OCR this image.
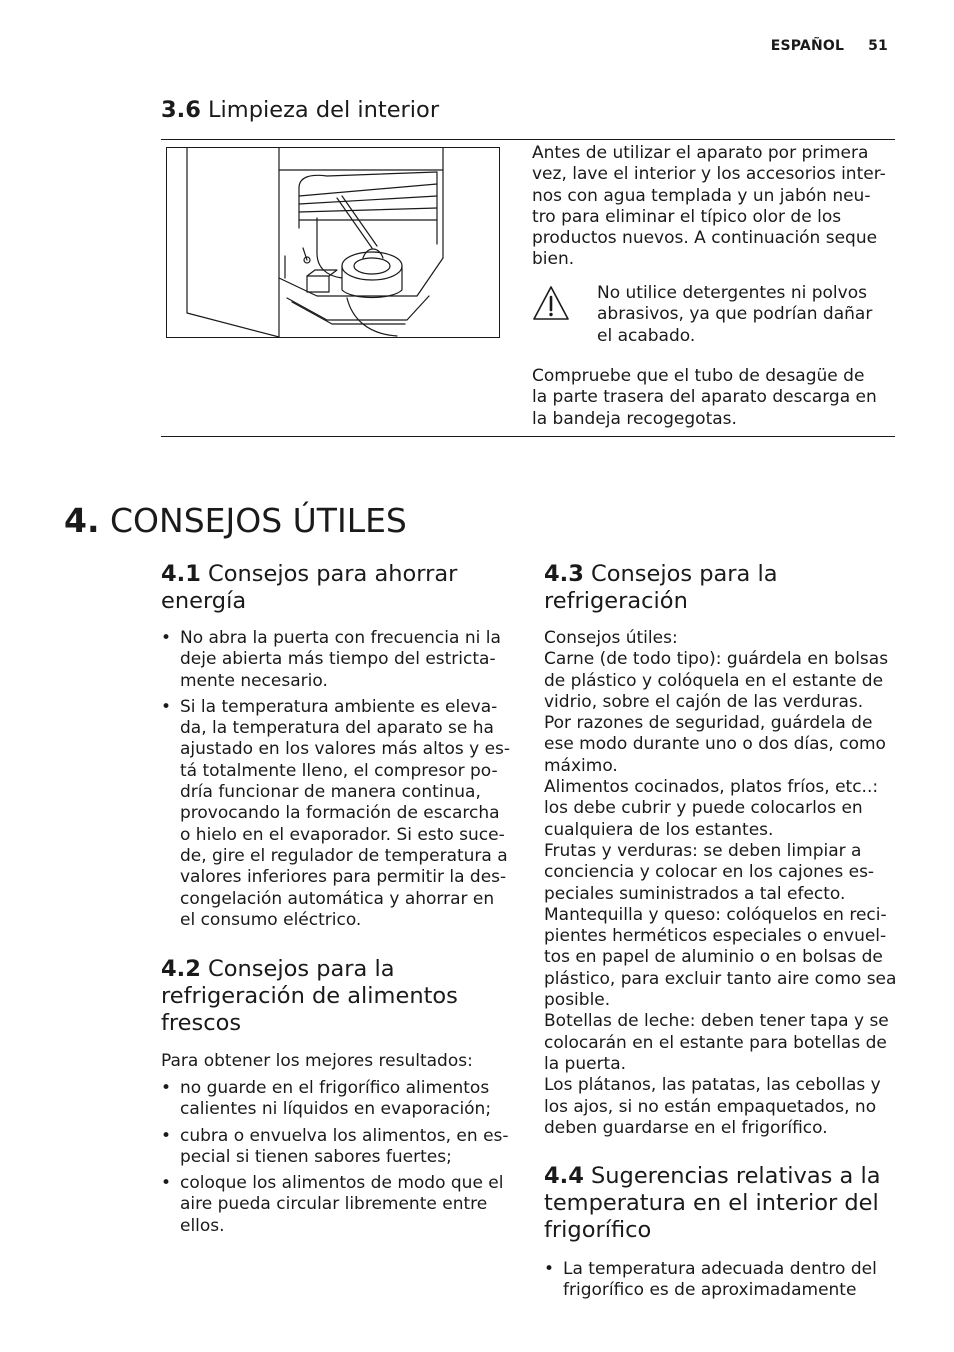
ESPAÑOL 51
3.6 Limpieza del interior

Antes de utilizar el aparato por primera
vez, lave el interior y los accesorios inter-
nos con agua templada y un jabón neu-
tro para eliminar el típico olor de los
productos nuevos. A continuación seque
bien.

No utilice detergentes ni polvos
abrasivos, ya que podrían dañar
el acabado.

Compruebe que el tubo de desagüe de
la parte trasera del aparato descarga en
la bandeja recogegotas.

4. CONSEJOS ÚTILES
4.1 Consejos para ahorrar
energía
• No abra la puerta con frecuencia ni la
deje abierta más tiempo del estricta-
mente necesario.
• Si la temperatura ambiente es eleva-
da, la temperatura del aparato se ha
ajustado en los valores más altos y es-
tá totalmente lleno, el compresor po-
dría funcionar de manera continua,
provocando la formación de escarcha
o hielo en el evaporador. Si esto suce-
de, gire el regulador de temperatura a
valores inferiores para permitir la des-
congelación automática y ahorrar en
el consumo eléctrico.
4.2 Consejos para la
refrigeración de alimentos
frescos

Para obtener los mejores resultados:

• no guarde en el frigorífico alimentos
calientes ni líquidos en evaporación;
• cubra o envuelva los alimentos, en es-
pecial si tienen sabores fuertes;
• coloque los alimentos de modo que el
aire pueda circular libremente entre
ellos.
4.3 Consejos para la
refrigeración

Consejos útiles:
Carne (de todo tipo): guárdela en bolsas
de plástico y colóquela en el estante de
vidrio, sobre el cajón de las verduras.
Por razones de seguridad, guárdela de
ese modo durante uno o dos días, como
máximo.
Alimentos cocinados, platos fríos, etc..:
los debe cubrir y puede colocarlos en
cualquiera de los estantes.
Frutas y verduras: se deben limpiar a
conciencia y colocar en los cajones es-
peciales suministrados a tal efecto.
Mantequilla y queso: colóquelos en reci-
pientes herméticos especiales o envuel-
tos en papel de aluminio o en bolsas de
plástico, para excluir tanto aire como sea
posible.
Botellas de leche: deben tener tapa y se
colocarán en el estante para botellas de
la puerta.
Los plátanos, las patatas, las cebollas y
los ajos, si no están empaquetados, no
deben guardarse en el frigorífico.

4.4 Sugerencias relativas a la
temperatura en el interior del
frigorífico
• La temperatura adecuada dentro del
frigorífico es de aproximadamente
